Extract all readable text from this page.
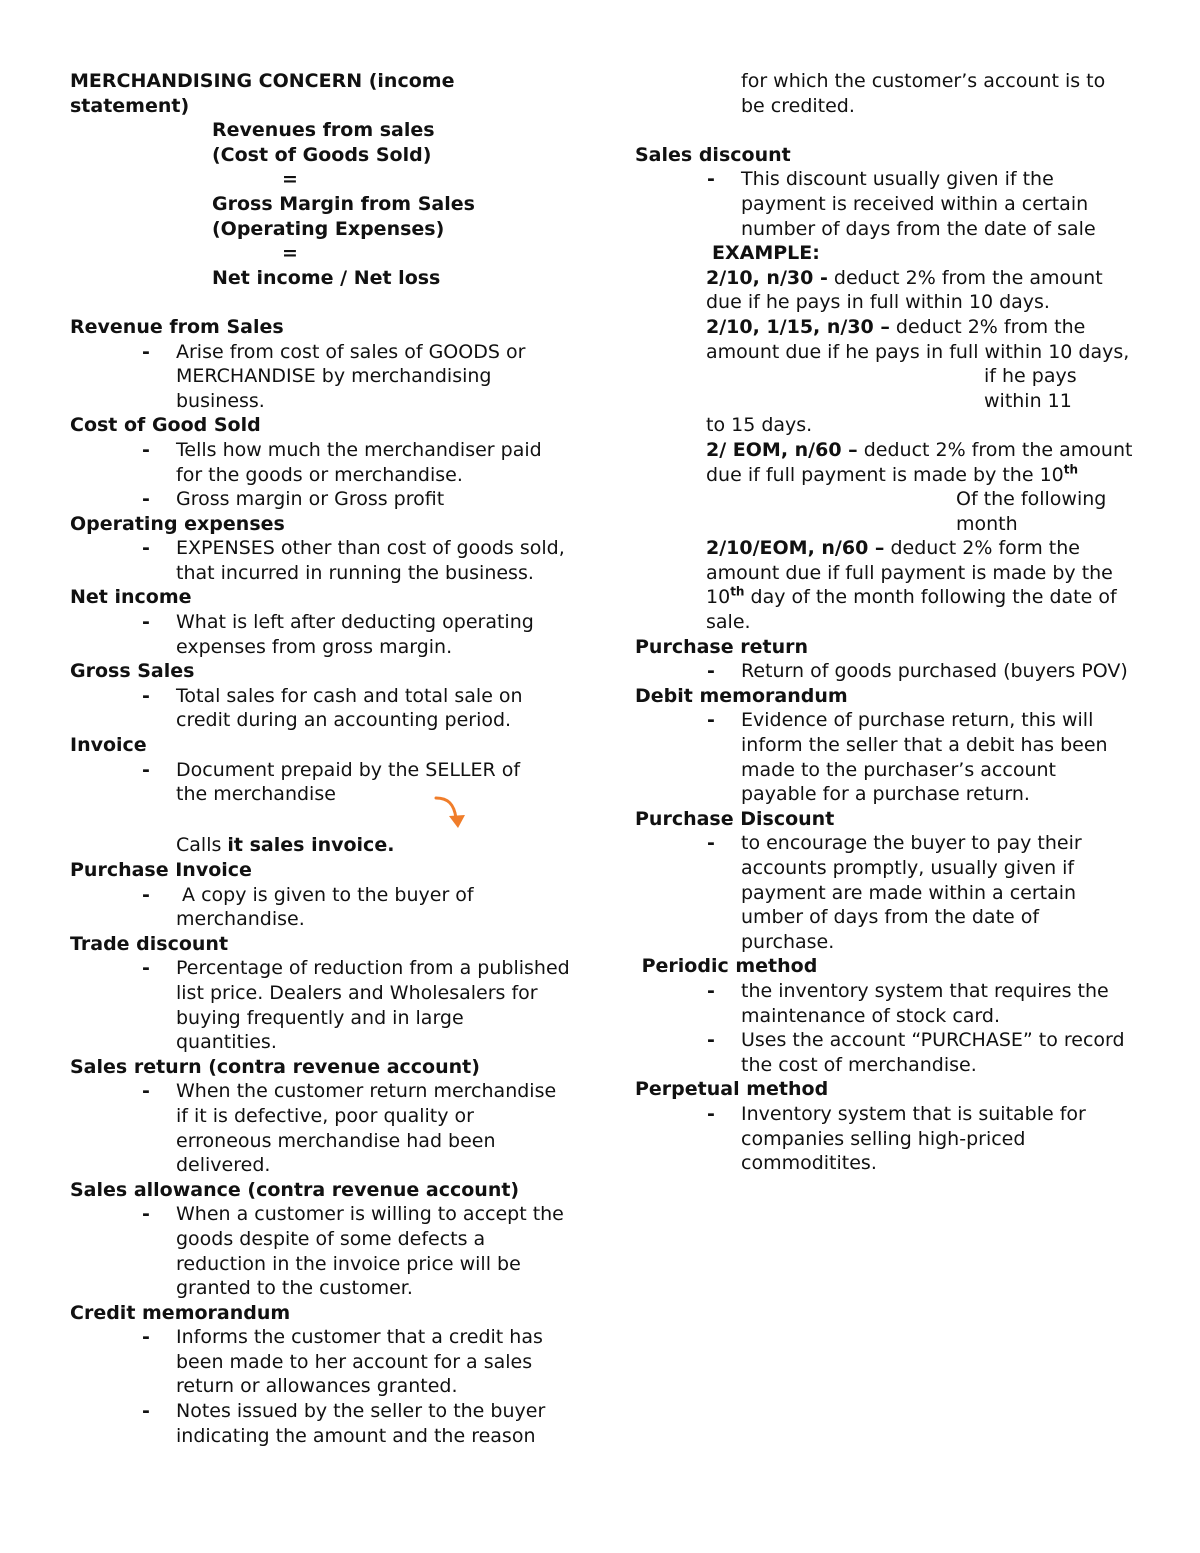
MERCHANDISING CONCERN (income
statement)

Revenues from sales
(Cost of Goods Sold)
=
Gross Margin from Sales
(Operating Expenses)
=
Net income / Net loss

Revenue from Sales

- Arise from cost of sales of GOODS or MERCHANDISE by merchandising business.

Cost of Good Sold

- Tells how much the merchandiser paid for the goods or merchandise.
- Gross margin or Gross profit

Operating expenses

- EXPENSES other than cost of goods sold, that incurred in running the business.

Net income

- What is left after deducting operating expenses from gross margin.

Gross Sales

- Total sales for cash and total sale on credit during an accounting period.

Invoice

- Document prepaid by the SELLER of
the merchandise

Calls it sales invoice.

Purchase Invoice

-  A copy is given to the buyer of merchandise.

Trade discount

- Percentage of reduction from a published list price. Dealers and Wholesalers for buying frequently and in large quantities.

Sales return (contra revenue account)

- When the customer return merchandise if it is defective, poor quality or erroneous merchandise had been delivered.

Sales allowance (contra revenue account)

- When a customer is willing to accept the goods despite of some defects a reduction in the invoice price will be granted to the customer.

Credit memorandum

- Informs the customer that a credit has been made to her account for a sales return or allowances granted.
- Notes issued by the seller to the buyer indicating the amount and the reason

for which the customer’s account is to
be credited.

Sales discount

- This discount usually given if the payment is received within a certain number of days from the date of sale

EXAMPLE:

2/10, n/30 - deduct 2% from the amount due if he pays in full within 10 days.

2/10, 1/15, n/30 – deduct 2% from the amount due if he pays in full within 10 days,

if he pays within 11

to 15 days.

2/ EOM, n/60 – deduct 2% from the amount due if full payment is made by the 10th

Of the following month

2/10/EOM, n/60 – deduct 2% form the amount due if full payment is made by the 10th day of the month following the date of sale.

Purchase return

- Return of goods purchased (buyers POV)

Debit memorandum

- Evidence of purchase return, this will inform the seller that a debit has been made to the purchaser’s account payable for a purchase return.

Purchase Discount

- to encourage the buyer to pay their accounts promptly, usually given if payment are made within a certain umber of days from the date of purchase.

Periodic method

- the inventory system that requires the maintenance of stock card.
- Uses the account “PURCHASE” to record the cost of merchandise.

Perpetual method

- Inventory system that is suitable for companies selling high-priced commoditites.
